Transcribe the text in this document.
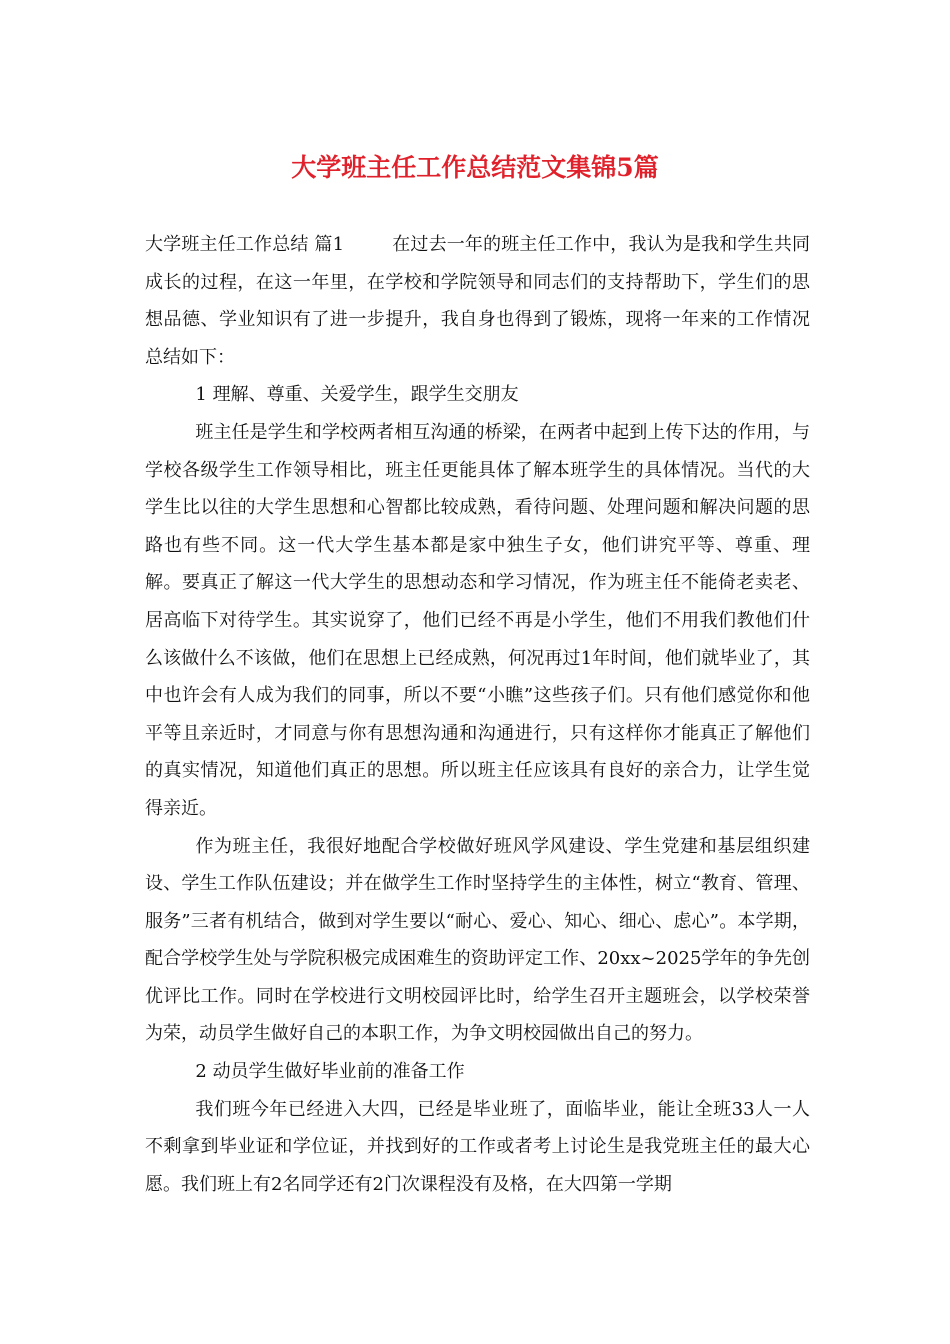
大学班主任工作总结范文集锦5篇

大学班主任工作总结 篇1	在过去一年的班主任工作中，我认为是我和学生共同成长的过程，在这一年里，在学校和学院领导和同志们的支持帮助下，学生们的思想品德、学业知识有了进一步提升，我自身也得到了锻炼，现将一年来的工作情况总结如下：

1 理解、尊重、关爱学生，跟学生交朋友

班主任是学生和学校两者相互沟通的桥梁，在两者中起到上传下达的作用，与学校各级学生工作领导相比，班主任更能具体了解本班学生的具体情况。当代的大学生比以往的大学生思想和心智都比较成熟，看待问题、处理问题和解决问题的思路也有些不同。这一代大学生基本都是家中独生子女，他们讲究平等、尊重、理解。要真正了解这一代大学生的思想动态和学习情况，作为班主任不能倚老卖老、居高临下对待学生。其实说穿了，他们已经不再是小学生，他们不用我们教他们什么该做什么不该做，他们在思想上已经成熟，何况再过1年时间，他们就毕业了，其中也许会有人成为我们的同事，所以不要“小瞧”这些孩子们。只有他们感觉你和他平等且亲近时，才同意与你有思想沟通和沟通进行，只有这样你才能真正了解他们的真实情况，知道他们真正的思想。所以班主任应该具有良好的亲合力，让学生觉得亲近。

作为班主任，我很好地配合学校做好班风学风建设、学生党建和基层组织建设、学生工作队伍建设；并在做学生工作时坚持学生的主体性，树立“教育、管理、服务”三者有机结合，做到对学生要以“耐心、爱心、知心、细心、虑心”。本学期，配合学校学生处与学院积极完成困难生的资助评定工作、20xx~2025学年的争先创优评比工作。同时在学校进行文明校园评比时，给学生召开主题班会，以学校荣誉为荣，动员学生做好自己的本职工作，为争文明校园做出自己的努力。

2 动员学生做好毕业前的准备工作

我们班今年已经进入大四，已经是毕业班了，面临毕业，能让全班33人一人不剩拿到毕业证和学位证，并找到好的工作或者考上讨论生是我党班主任的最大心愿。我们班上有2名同学还有2门次课程没有及格，在大四第一学期
